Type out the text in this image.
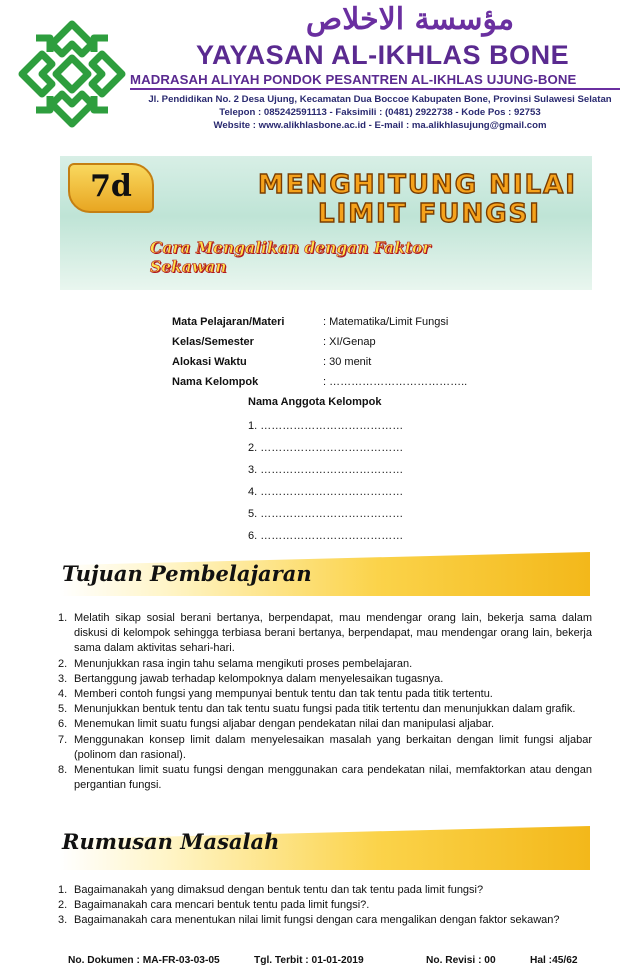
مؤسسة الاخلاص
YAYASAN AL-IKHLAS BONE
MADRASAH ALIYAH PONDOK PESANTREN AL-IKHLAS UJUNG-BONE
Jl. Pendidikan No. 2 Desa Ujung, Kecamatan Dua Boccoe Kabupaten Bone, Provinsi Sulawesi Selatan
Telepon : 085242591113 - Faksimili : (0481) 2922738 - Kode Pos : 92753
Website : www.alikhlasbone.ac.id - E-mail : ma.alikhlasujung@gmail.com
7d	MENGHITUNG NILAI
LIMIT FUNGSI
Cara Mengalikan dengan Faktor Sekawan
Mata Pelajaran/Materi	: Matematika/Limit Fungsi
Kelas/Semester	: XI/Genap
Alokasi Waktu	: 30 menit
Nama Kelompok	: ………………………………..
Nama Anggota Kelompok
1. …………………………………
2. …………………………………
3. …………………………………
4. …………………………………
5. …………………………………
6. …………………………………
Tujuan Pembelajaran
1. Melatih sikap sosial berani bertanya, berpendapat, mau mendengar orang lain, bekerja sama dalam diskusi di kelompok sehingga terbiasa berani bertanya, berpendapat, mau mendengar orang lain, bekerja sama dalam aktivitas sehari-hari.
2. Menunjukkan rasa ingin tahu selama mengikuti proses pembelajaran.
3. Bertanggung jawab terhadap kelompoknya dalam menyelesaikan tugasnya.
4. Memberi contoh fungsi yang mempunyai bentuk tentu dan tak tentu pada titik tertentu.
5. Menunjukkan bentuk tentu dan tak tentu suatu fungsi pada titik tertentu dan menunjukkan dalam grafik.
6. Menemukan limit suatu fungsi aljabar dengan pendekatan nilai dan manipulasi aljabar.
7. Menggunakan konsep limit dalam menyelesaikan masalah yang berkaitan dengan limit fungsi aljabar (polinom dan rasional).
8. Menentukan limit suatu fungsi dengan menggunakan cara pendekatan nilai, memfaktorkan atau dengan pergantian fungsi.
Rumusan Masalah
1. Bagaimanakah yang dimaksud dengan bentuk tentu dan tak tentu pada limit fungsi?
2. Bagaimanakah cara mencari bentuk tentu pada limit fungsi?.
3. Bagaimanakah cara menentukan nilai limit fungsi dengan cara mengalikan dengan faktor sekawan?
No. Dokumen : MA-FR-03-03-05	Tgl. Terbit : 01-01-2019	No. Revisi : 00	Hal :45/62
